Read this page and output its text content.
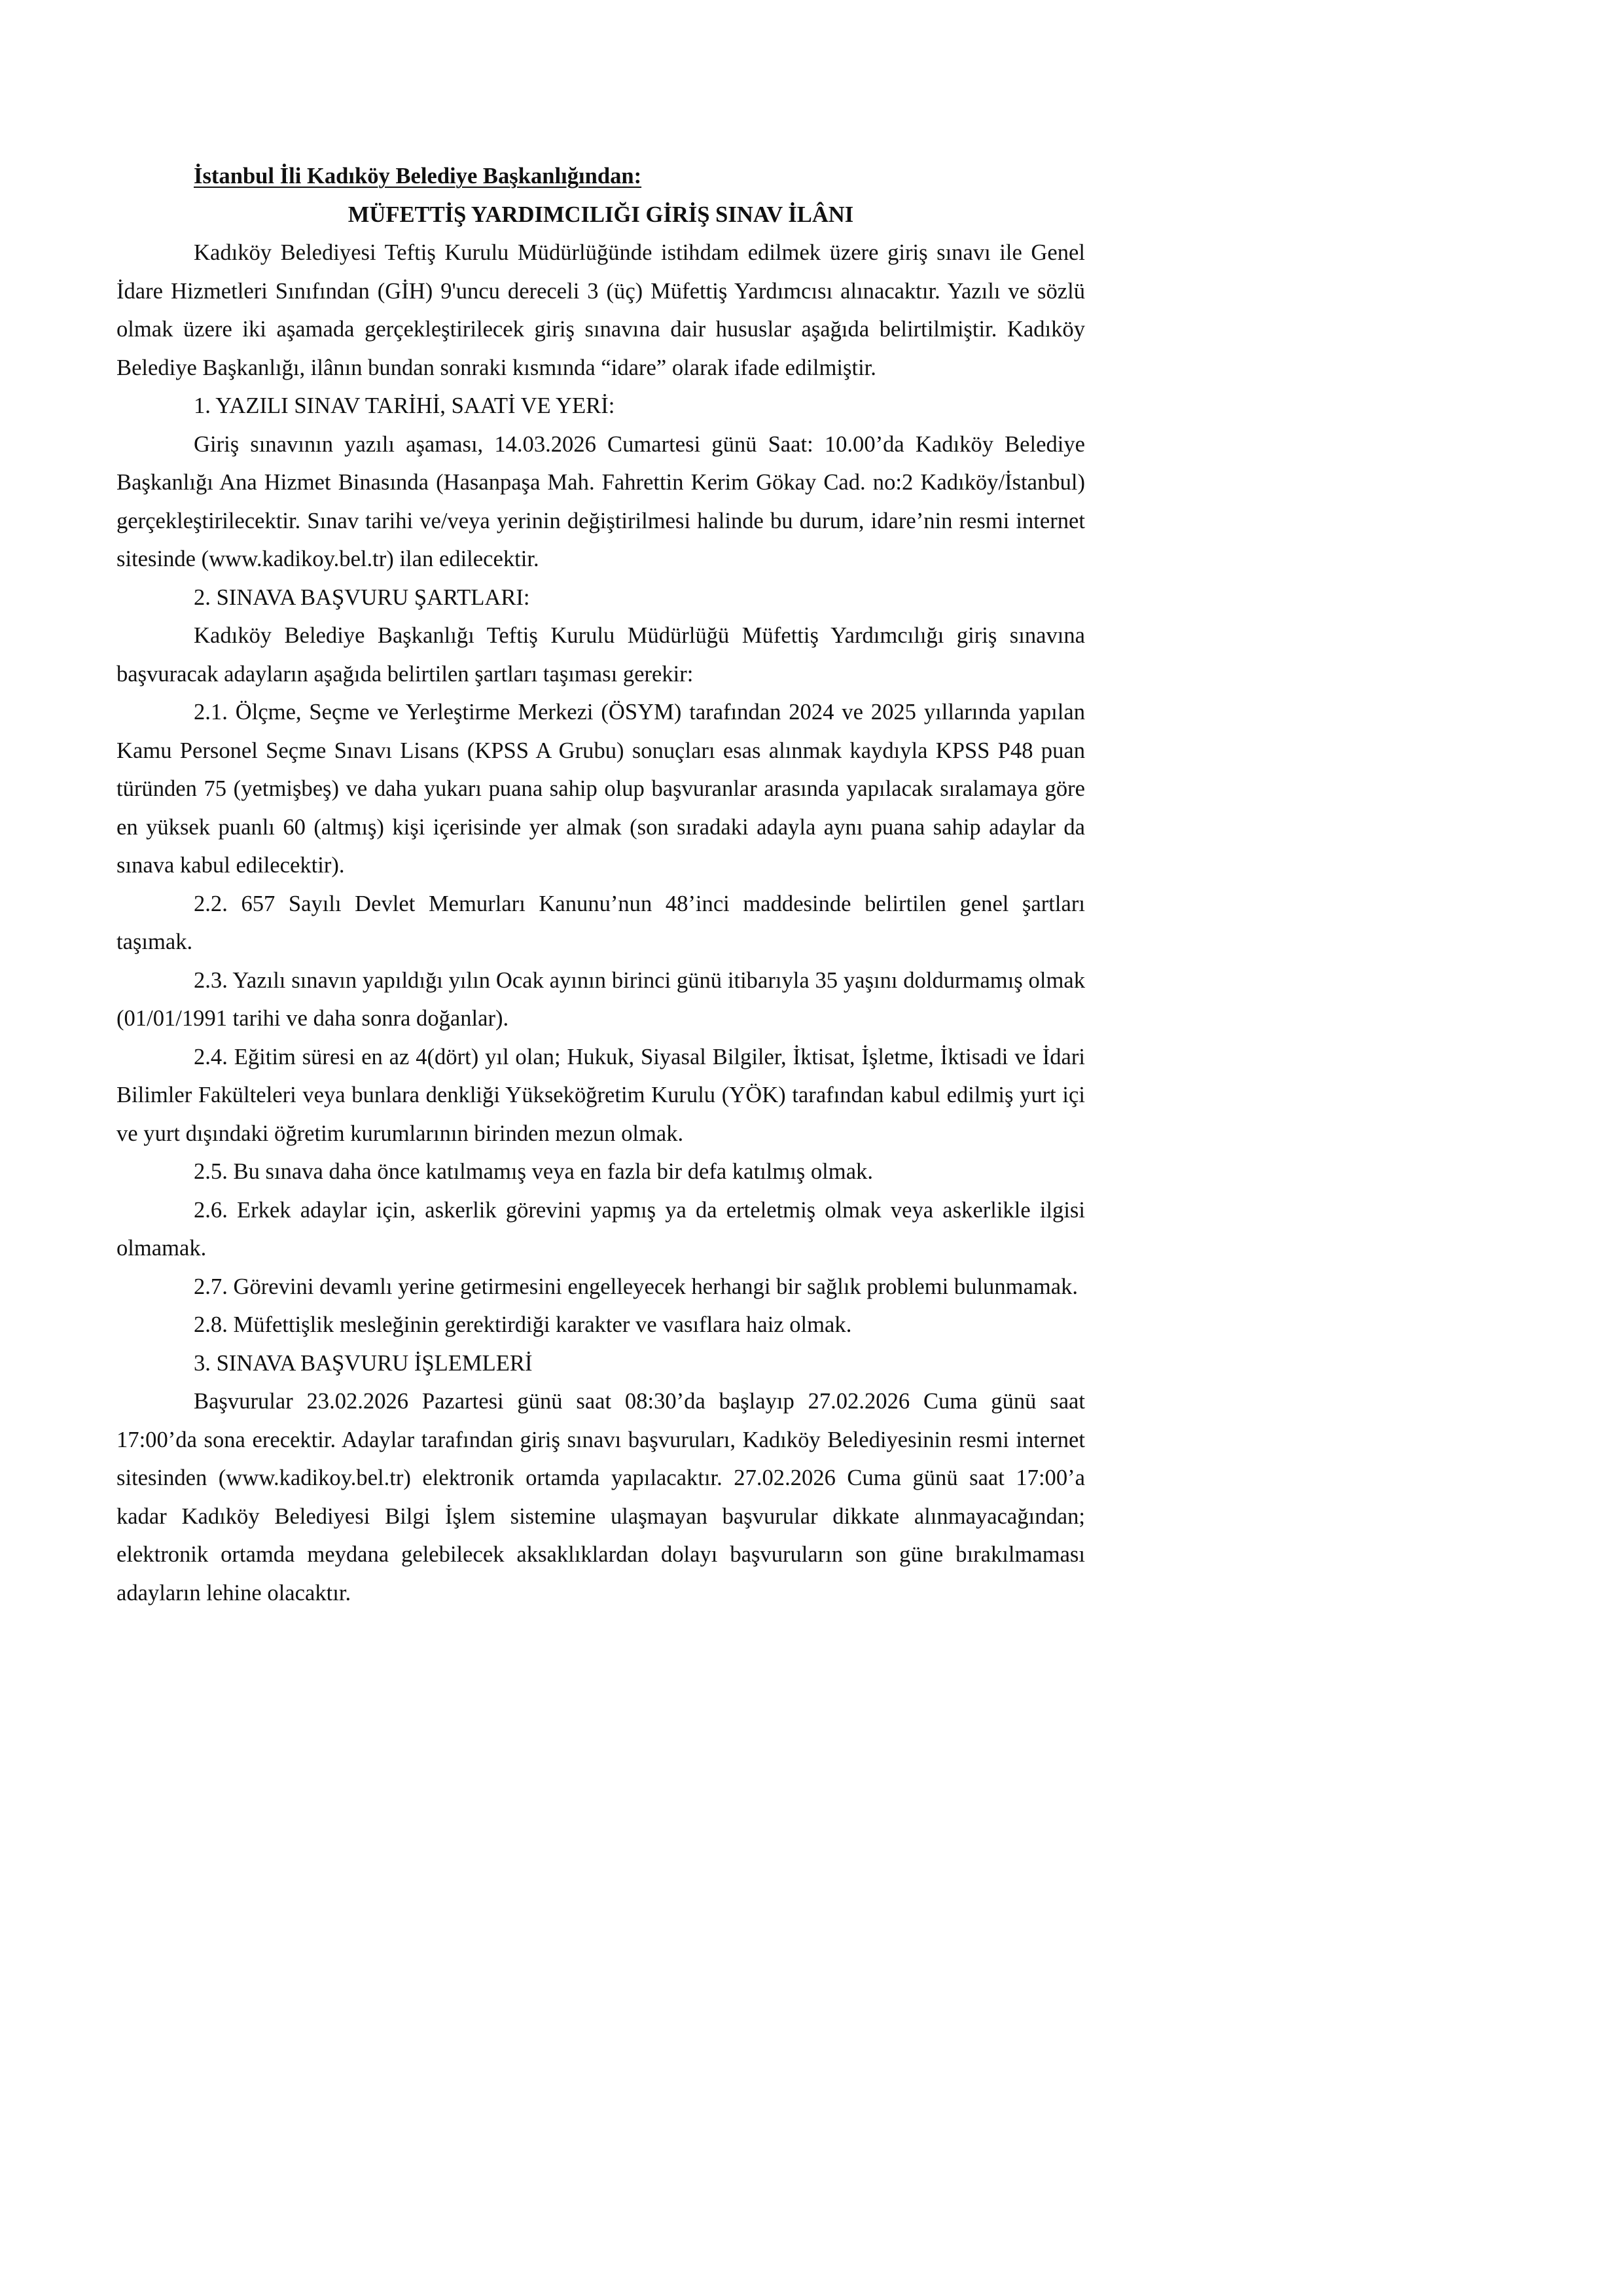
İstanbul İli Kadıköy Belediye Başkanlığından:

MÜFETTİŞ YARDIMCILIĞI GİRİŞ SINAV İLÂNI

Kadıköy Belediyesi Teftiş Kurulu Müdürlüğünde istihdam edilmek üzere giriş sınavı ile Genel İdare Hizmetleri Sınıfından (GİH) 9'uncu dereceli 3 (üç) Müfettiş Yardımcısı alınacaktır. Yazılı ve sözlü olmak üzere iki aşamada gerçekleştirilecek giriş sınavına dair hususlar aşağıda belirtilmiştir. Kadıköy Belediye Başkanlığı, ilânın bundan sonraki kısmında “idare” olarak ifade edilmiştir.

1. YAZILI SINAV TARİHİ, SAATİ VE YERİ:

Giriş sınavının yazılı aşaması, 14.03.2026 Cumartesi günü Saat: 10.00’da Kadıköy Belediye Başkanlığı Ana Hizmet Binasında (Hasanpaşa Mah. Fahrettin Kerim Gökay Cad. no:2 Kadıköy/İstanbul) gerçekleştirilecektir. Sınav tarihi ve/veya yerinin değiştirilmesi halinde bu durum, idare’nin resmi internet sitesinde (www.kadikoy.bel.tr) ilan edilecektir.

2. SINAVA BAŞVURU ŞARTLARI:

Kadıköy Belediye Başkanlığı Teftiş Kurulu Müdürlüğü Müfettiş Yardımcılığı giriş sınavına başvuracak adayların aşağıda belirtilen şartları taşıması gerekir:

2.1. Ölçme, Seçme ve Yerleştirme Merkezi (ÖSYM) tarafından 2024 ve 2025 yıllarında yapılan Kamu Personel Seçme Sınavı Lisans (KPSS A Grubu) sonuçları esas alınmak kaydıyla KPSS P48 puan türünden 75 (yetmişbeş) ve daha yukarı puana sahip olup başvuranlar arasında yapılacak sıralamaya göre en yüksek puanlı 60 (altmış) kişi içerisinde yer almak (son sıradaki adayla aynı puana sahip adaylar da sınava kabul edilecektir).

2.2. 657 Sayılı Devlet Memurları Kanunu’nun 48’inci maddesinde belirtilen genel şartları taşımak.

2.3. Yazılı sınavın yapıldığı yılın Ocak ayının birinci günü itibarıyla 35 yaşını doldurmamış olmak (01/01/1991 tarihi ve daha sonra doğanlar).

2.4. Eğitim süresi en az 4(dört) yıl olan; Hukuk, Siyasal Bilgiler, İktisat, İşletme, İktisadi ve İdari Bilimler Fakülteleri veya bunlara denkliği Yükseköğretim Kurulu (YÖK) tarafından kabul edilmiş yurt içi ve yurt dışındaki öğretim kurumlarının birinden mezun olmak.

2.5. Bu sınava daha önce katılmamış veya en fazla bir defa katılmış olmak.

2.6. Erkek adaylar için, askerlik görevini yapmış ya da erteletmiş olmak veya askerlikle ilgisi olmamak.

2.7. Görevini devamlı yerine getirmesini engelleyecek herhangi bir sağlık problemi bulunmamak.

2.8. Müfettişlik mesleğinin gerektirdiği karakter ve vasıflara haiz olmak.

3. SINAVA BAŞVURU İŞLEMLERİ

Başvurular 23.02.2026 Pazartesi günü saat 08:30’da başlayıp 27.02.2026 Cuma günü saat 17:00’da sona erecektir. Adaylar tarafından giriş sınavı başvuruları, Kadıköy Belediyesinin resmi internet sitesinden (www.kadikoy.bel.tr) elektronik ortamda yapılacaktır. 27.02.2026 Cuma günü saat 17:00’a kadar Kadıköy Belediyesi Bilgi İşlem sistemine ulaşmayan başvurular dikkate alınmayacağından; elektronik ortamda meydana gelebilecek aksaklıklardan dolayı başvuruların son güne bırakılmaması adayların lehine olacaktır.
